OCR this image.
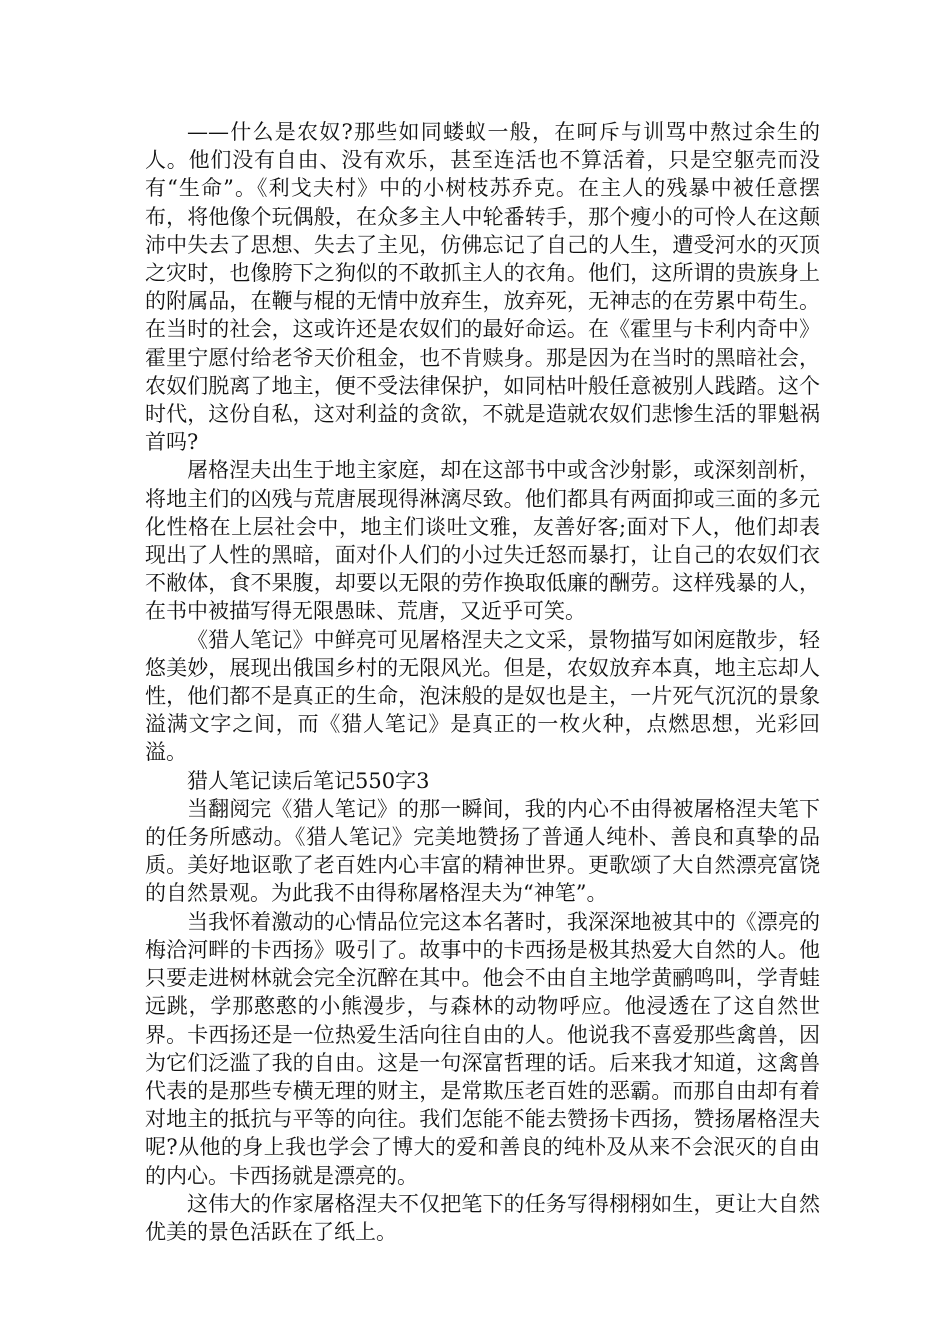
——什么是农奴?那些如同蝼蚁一般，在呵斥与训骂中熬过余生的人。他们没有自由、没有欢乐，甚至连活也不算活着，只是空躯壳而没有“生命”。《利戈夫村》中的小树枝苏乔克。在主人的残暴中被任意摆布，将他像个玩偶般，在众多主人中轮番转手，那个瘦小的可怜人在这颠沛中失去了思想、失去了主见，仿佛忘记了自己的人生，遭受河水的灭顶之灾时，也像胯下之狗似的不敢抓主人的衣角。他们，这所谓的贵族身上的附属品，在鞭与棍的无情中放弃生，放弃死，无神志的在劳累中苟生。在当时的社会，这或许还是农奴们的最好命运。在《霍里与卡利内奇中》霍里宁愿付给老爷天价租金，也不肯赎身。那是因为在当时的黑暗社会，农奴们脱离了地主，便不受法律保护，如同枯叶般任意被别人践踏。这个时代，这份自私，这对利益的贪欲，不就是造就农奴们悲惨生活的罪魁祸首吗?

屠格涅夫出生于地主家庭，却在这部书中或含沙射影，或深刻剖析，将地主们的凶残与荒唐展现得淋漓尽致。他们都具有两面抑或三面的多元化性格在上层社会中，地主们谈吐文雅，友善好客;面对下人，他们却表现出了人性的黑暗，面对仆人们的小过失迁怒而暴打，让自己的农奴们衣不敝体，食不果腹，却要以无限的劳作换取低廉的酬劳。这样残暴的人，在书中被描写得无限愚昧、荒唐，又近乎可笑。

《猎人笔记》中鲜亮可见屠格涅夫之文采，景物描写如闲庭散步，轻悠美妙，展现出俄国乡村的无限风光。但是，农奴放弃本真，地主忘却人性，他们都不是真正的生命，泡沫般的是奴也是主，一片死气沉沉的景象溢满文字之间，而《猎人笔记》是真正的一枚火种，点燃思想，光彩回溢。

猎人笔记读后笔记550字3

当翻阅完《猎人笔记》的那一瞬间，我的内心不由得被屠格涅夫笔下的任务所感动。《猎人笔记》完美地赞扬了普通人纯朴、善良和真挚的品质。美好地讴歌了老百姓内心丰富的精神世界。更歌颂了大自然漂亮富饶的自然景观。为此我不由得称屠格涅夫为“神笔”。

当我怀着激动的心情品位完这本名著时，我深深地被其中的《漂亮的梅洽河畔的卡西扬》吸引了。故事中的卡西扬是极其热爱大自然的人。他只要走进树林就会完全沉醉在其中。他会不由自主地学黄鹂鸣叫，学青蛙远跳，学那憨憨的小熊漫步，与森林的动物呼应。他浸透在了这自然世界。卡西扬还是一位热爱生活向往自由的人。他说我不喜爱那些禽兽，因为它们泛滥了我的自由。这是一句深富哲理的话。后来我才知道，这禽兽代表的是那些专横无理的财主，是常欺压老百姓的恶霸。而那自由却有着对地主的抵抗与平等的向往。我们怎能不能去赞扬卡西扬，赞扬屠格涅夫呢?从他的身上我也学会了博大的爱和善良的纯朴及从来不会泯灭的自由的内心。卡西扬就是漂亮的。

这伟大的作家屠格涅夫不仅把笔下的任务写得栩栩如生，更让大自然优美的景色活跃在了纸上。
